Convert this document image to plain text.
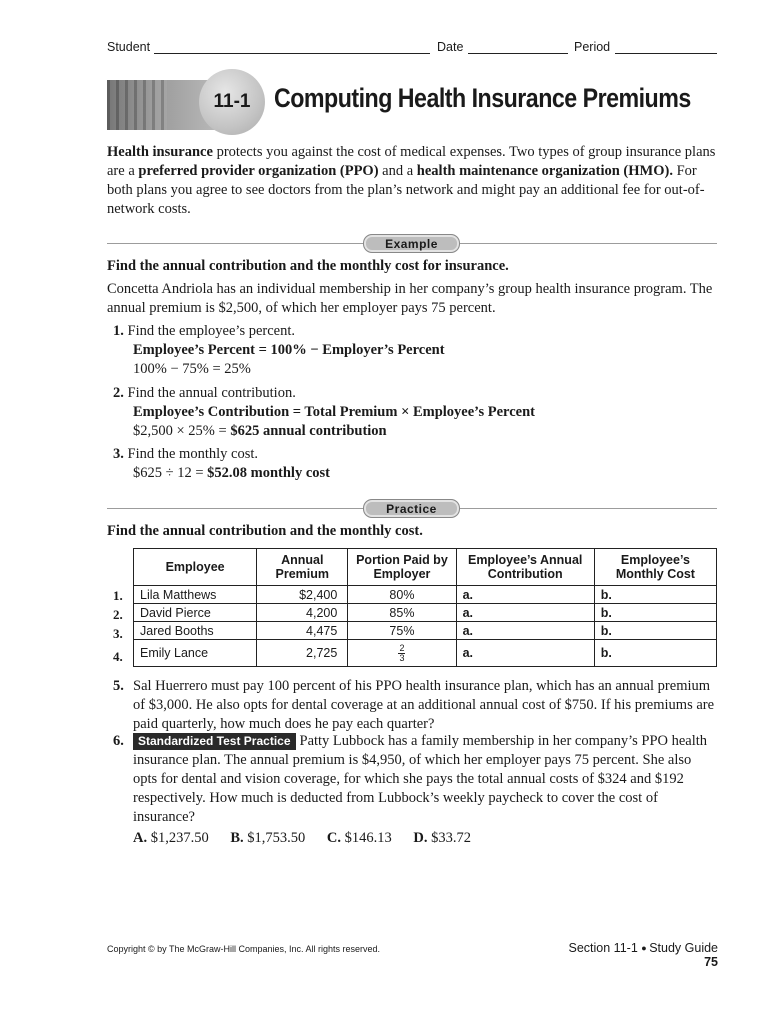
Student	Date	Period
11-1 Computing Health Insurance Premiums
Health insurance protects you against the cost of medical expenses. Two types of group insurance plans are a preferred provider organization (PPO) and a health maintenance organization (HMO). For both plans you agree to see doctors from the plan’s network and might pay an additional fee for out-of-network costs.
Example
Find the annual contribution and the monthly cost for insurance.
Concetta Andriola has an individual membership in her company’s group health insurance program. The annual premium is $2,500, of which her employer pays 75 percent.
1. Find the employee’s percent.
Employee’s Percent = 100% − Employer’s Percent
100% − 75% = 25%
2. Find the annual contribution.
Employee’s Contribution = Total Premium × Employee’s Percent
$2,500 × 25% = $625 annual contribution
3. Find the monthly cost.
$625 ÷ 12 = $52.08 monthly cost
Practice
Find the annual contribution and the monthly cost.
Employee	Annual Premium	Portion Paid by Employer	Employee’s Annual Contribution	Employee’s Monthly Cost
Lila Matthews	$2,400	80%	a.	b.
David Pierce	4,200	85%	a.	b.
Jared Booths	4,475	75%	a.	b.
Emily Lance	2,725	$\frac{2}{3}$	a.	b.
1.
2.
3.
4.
5. Sal Huerrero must pay 100 percent of his PPO health insurance plan, which has an annual premium of $3,000. He also opts for dental coverage at an additional annual cost of $750. If his premiums are paid quarterly, how much does he pay each quarter?
6.	Standardized Test Practice Patty Lubbock has a family membership in her company’s PPO health insurance plan. The annual premium is $4,950, of which her employer pays 75 percent. She also opts for dental and vision coverage, for which she pays the total annual costs of $324 and $192 respectively. How much is deducted from Lubbock’s weekly paycheck to cover the cost of insurance?
A. $1,237.50 B. $1,753.50 C. $146.13 D. $33.72
Copyright © by The McGraw-Hill Companies, Inc. All rights reserved.	Section 11-1 ● Study Guide 75
